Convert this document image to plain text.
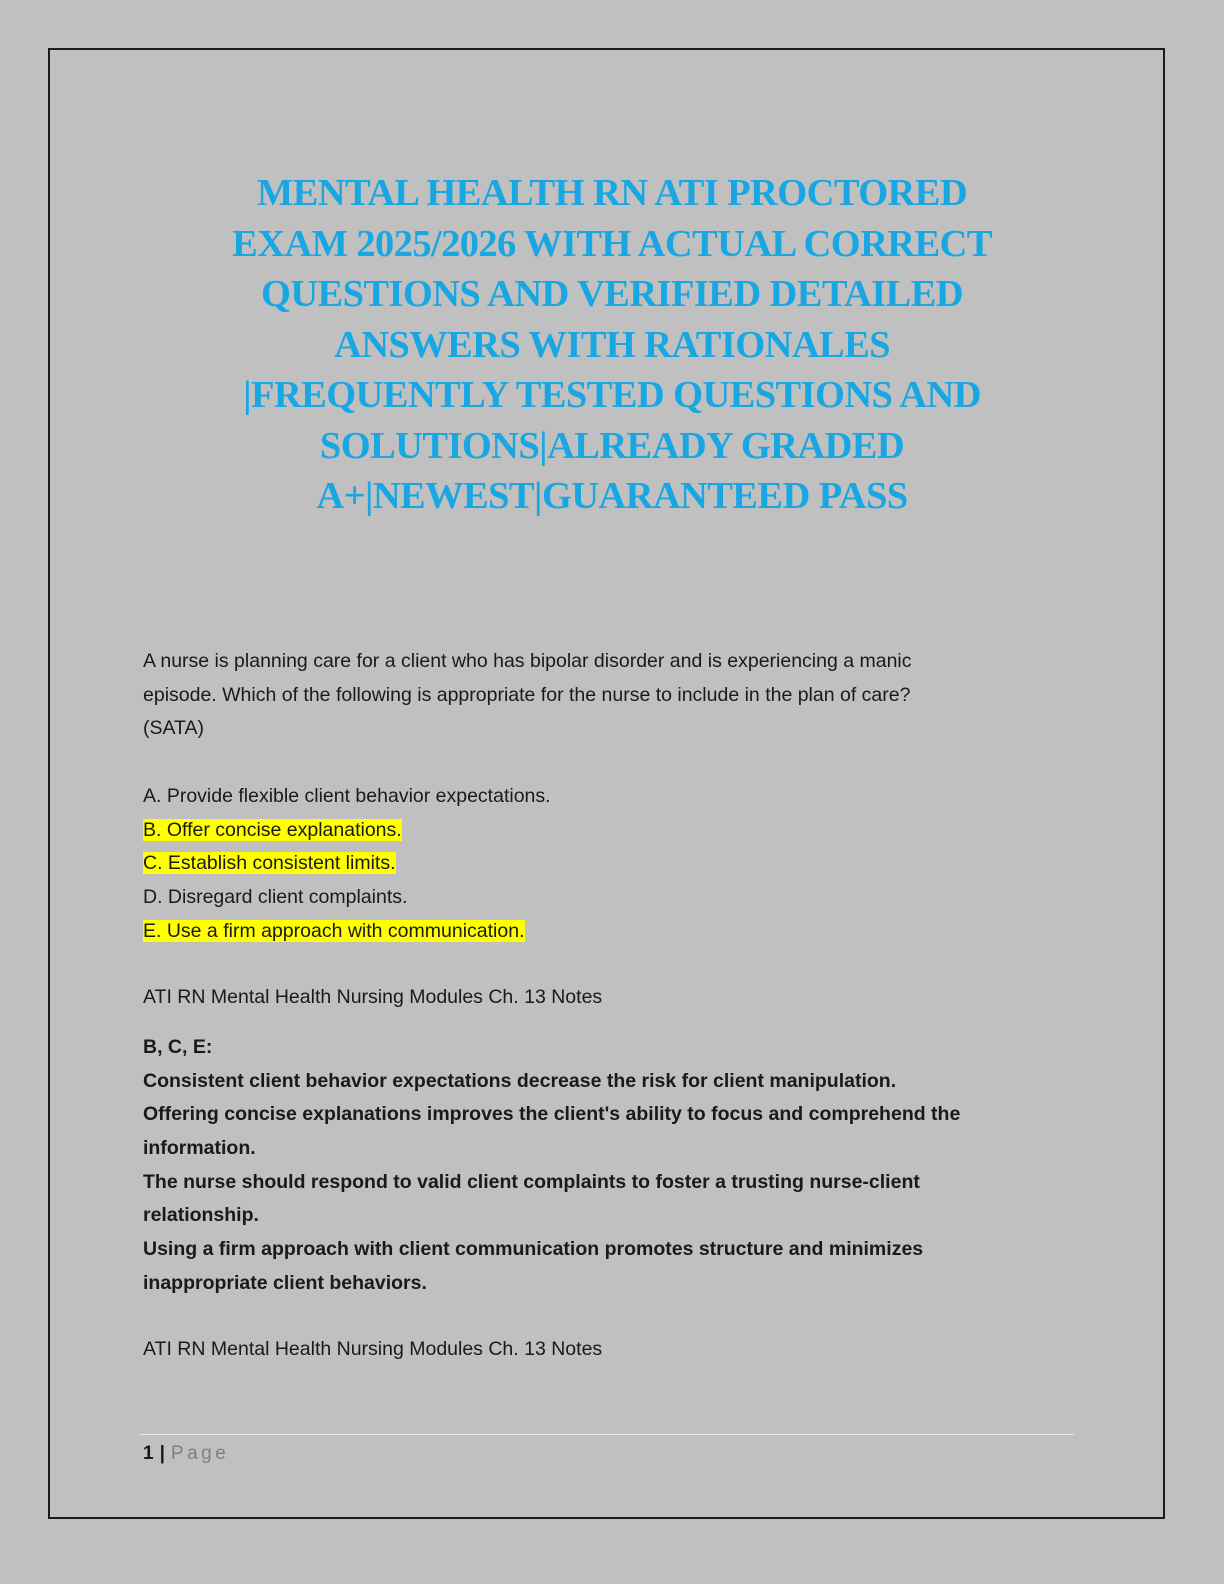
MENTAL HEALTH RN ATI PROCTORED
EXAM 2025/2026 WITH ACTUAL CORRECT
QUESTIONS AND VERIFIED DETAILED
ANSWERS WITH RATIONALES
|FREQUENTLY TESTED QUESTIONS AND
SOLUTIONS|ALREADY GRADED
A+|NEWEST|GUARANTEED PASS
A nurse is planning care for a client who has bipolar disorder and is experiencing a manic
episode. Which of the following is appropriate for the nurse to include in the plan of care?
(SATA)
A. Provide flexible client behavior expectations.
B. Offer concise explanations.
C. Establish consistent limits.
D. Disregard client complaints.
E. Use a firm approach with communication.
ATI RN Mental Health Nursing Modules Ch. 13 Notes
B, C, E:
Consistent client behavior expectations decrease the risk for client manipulation.
Offering concise explanations improves the client's ability to focus and comprehend the
information.
The nurse should respond to valid client complaints to foster a trusting nurse-client
relationship.
Using a firm approach with client communication promotes structure and minimizes
inappropriate client behaviors.
ATI RN Mental Health Nursing Modules Ch. 13 Notes
1 | Page
